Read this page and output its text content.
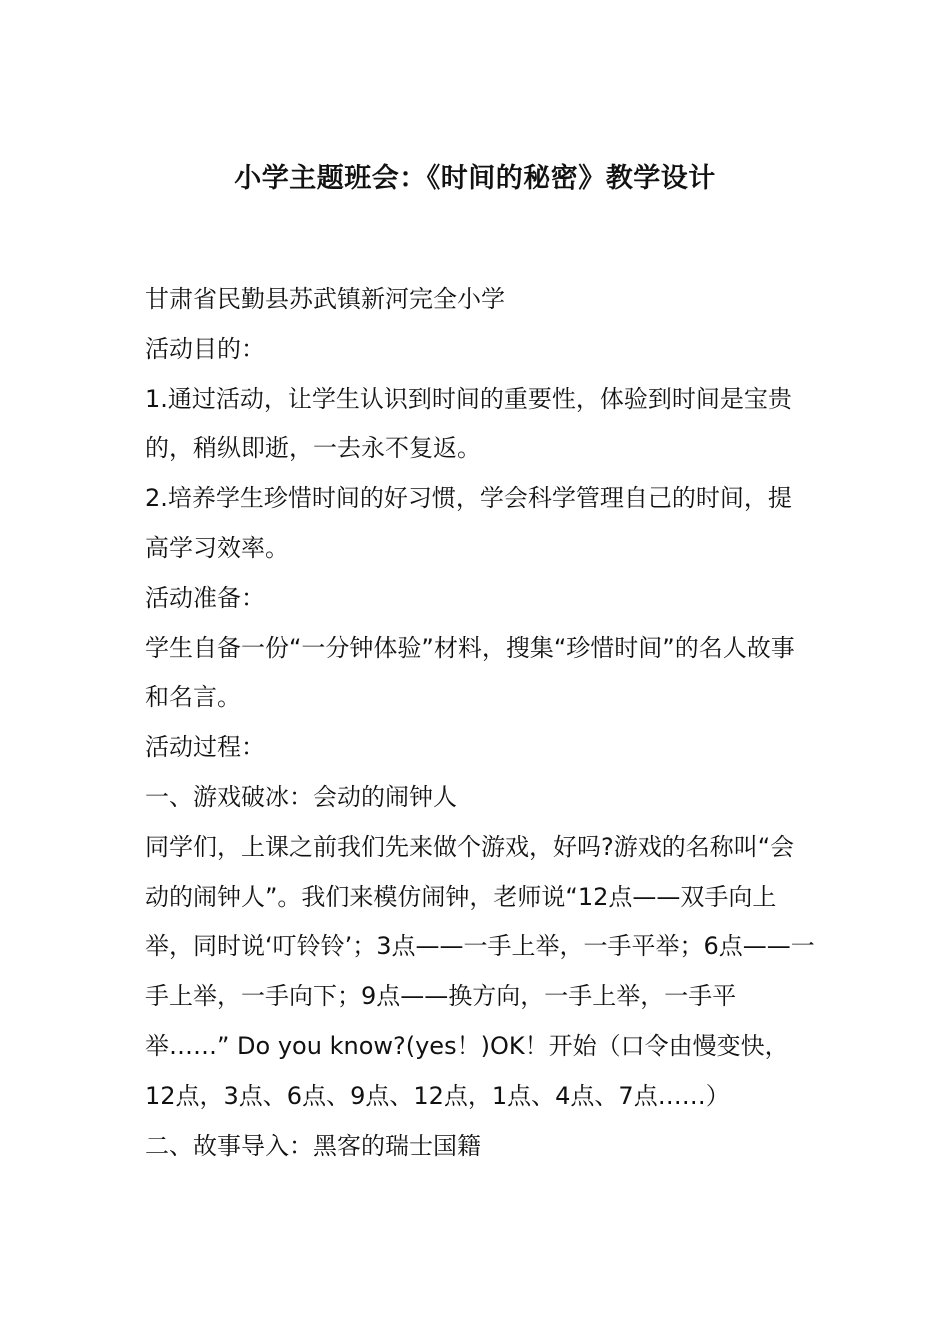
小学主题班会：《时间的秘密》教学设计

甘肃省民勤县苏武镇新河完全小学

活动目的：

1.通过活动，让学生认识到时间的重要性，体验到时间是宝贵的，稍纵即逝，一去永不复返。

2.培养学生珍惜时间的好习惯，学会科学管理自己的时间，提高学习效率。

活动准备：

学生自备一份“一分钟体验”材料，搜集“珍惜时间”的名人故事和名言。

活动过程：

一、游戏破冰：会动的闹钟人

同学们，上课之前我们先来做个游戏，好吗?游戏的名称叫“会动的闹钟人”。我们来模仿闹钟，老师说“12点——双手向上举，同时说‘叮铃铃’；3点——一手上举，一手平举；6点——一手上举，一手向下；9点——换方向，一手上举，一手平举……” Do you know?(yes！)OK！开始（口令由慢变快，12点，3点、6点、9点、12点，1点、4点、7点……）

二、故事导入：黑客的瑞士国籍
